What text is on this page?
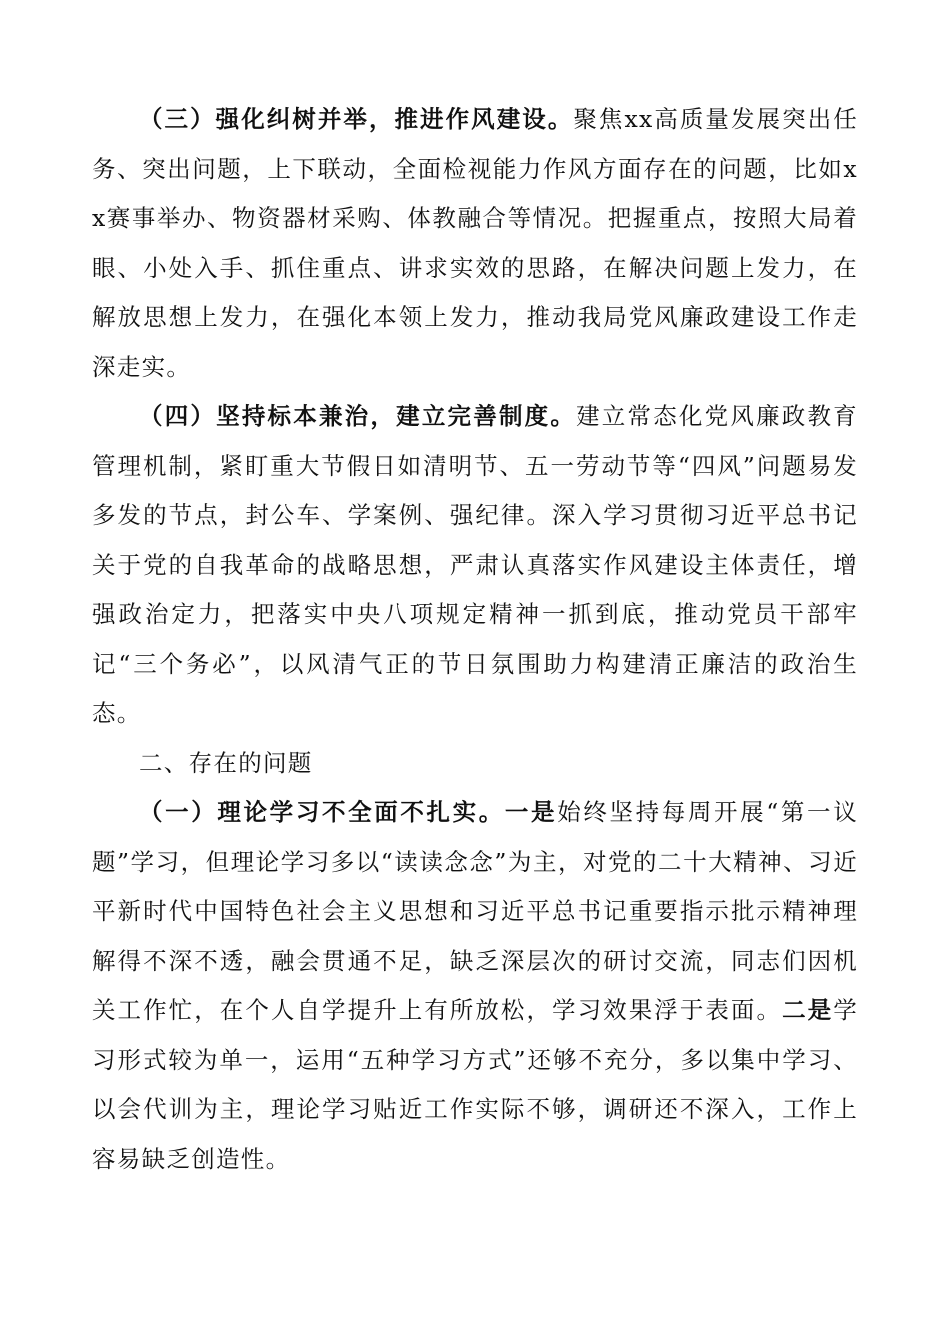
（三）强化纠树并举，推进作风建设。聚焦xx高质量发展突出任务、突出问题，上下联动，全面检视能力作风方面存在的问题，比如xx赛事举办、物资器材采购、体教融合等情况。把握重点，按照大局着眼、小处入手、抓住重点、讲求实效的思路，在解决问题上发力，在解放思想上发力，在强化本领上发力，推动我局党风廉政建设工作走深走实。

（四）坚持标本兼治，建立完善制度。建立常态化党风廉政教育管理机制，紧盯重大节假日如清明节、五一劳动节等“四风”问题易发多发的节点，封公车、学案例、强纪律。深入学习贯彻习近平总书记关于党的自我革命的战略思想，严肃认真落实作风建设主体责任，增强政治定力，把落实中央八项规定精神一抓到底，推动党员干部牢记“三个务必”，以风清气正的节日氛围助力构建清正廉洁的政治生态。

二、存在的问题

（一）理论学习不全面不扎实。一是始终坚持每周开展“第一议题”学习，但理论学习多以“读读念念”为主，对党的二十大精神、习近平新时代中国特色社会主义思想和习近平总书记重要指示批示精神理解得不深不透，融会贯通不足，缺乏深层次的研讨交流，同志们因机关工作忙，在个人自学提升上有所放松，学习效果浮于表面。二是学习形式较为单一，运用“五种学习方式”还够不充分，多以集中学习、以会代训为主，理论学习贴近工作实际不够，调研还不深入，工作上容易缺乏创造性。
